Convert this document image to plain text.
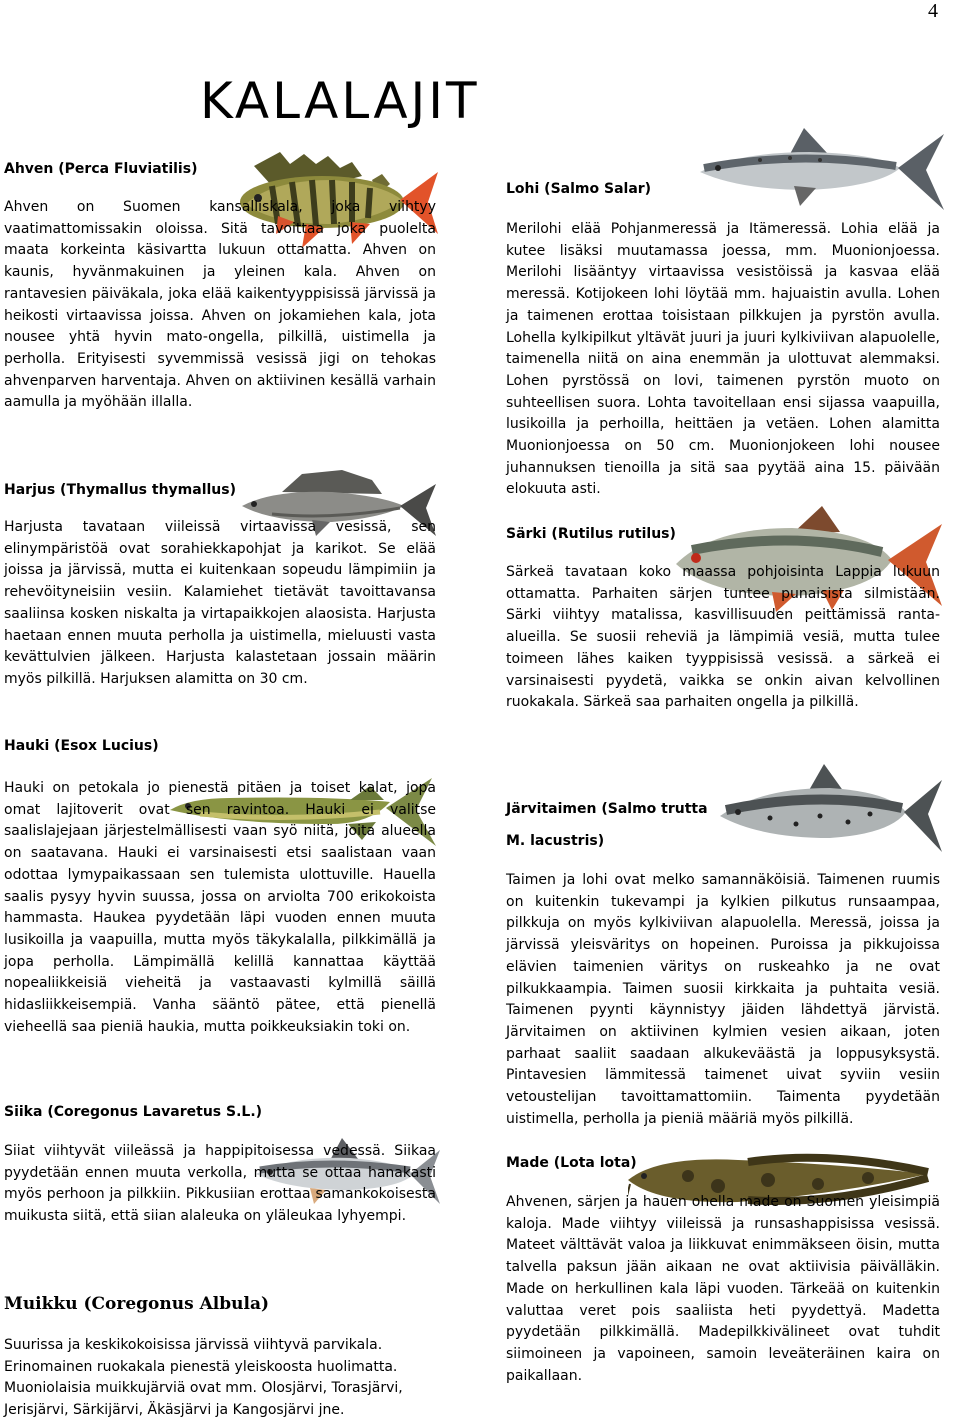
4
KALALAJIT
Ahven (Perca Fluviatilis)

Ahven on Suomen kansalliskala, joka viihtyy vaatimattomissakin oloissa. Sitä tavoittaa joka puolelta maata korkeinta käsivartta lukuun ottamatta. Ahven on kaunis, hyvänmakuinen ja yleinen kala. Ahven on rantavesien päiväkala, joka elää kaikentyyppisissä järvissä ja heikosti virtaavissa joissa. Ahven on jokamiehen kala, jota nousee yhtä hyvin mato-ongella, pilkillä, uistimella ja perholla. Erityisesti syvemmissä vesissä jigi on tehokas ahvenparven harventaja. Ahven on aktiivinen kesällä varhain aamulla ja myöhään illalla.

Harjus (Thymallus thymallus)

Harjusta tavataan viileissä virtaavissa vesissä, sen elinympäristöä ovat sorahiekkapohjat ja karikot. Se elää joissa ja järvissä, mutta ei kuitenkaan sopeudu lämpimiin ja rehevöityneisiin vesiin. Kalamiehet tietävät tavoittavansa saaliinsa kosken niskalta ja virtapaikkojen alaosista. Harjusta haetaan ennen muuta perholla ja uistimella, mieluusti vasta kevättulvien jälkeen. Harjusta kalastetaan jossain määrin myös pilkillä. Harjuksen alamitta on 30 cm.

Hauki (Esox Lucius)

Hauki on petokala jo pienestä pitäen ja toiset kalat, jopa omat lajitoverit ovat sen ravintoa. Hauki ei valitse saalislajejaan järjestelmällisesti vaan syö niitä, joita alueella on saatavana. Hauki ei varsinaisesti etsi saalistaan vaan odottaa lymypaikassaan sen tulemista ulottuville. Hauella saalis pysyy hyvin suussa, jossa on arviolta 700 erikokoista hammasta. Haukea pyydetään läpi vuoden ennen muuta lusikoilla ja vaapuilla, mutta myös täkykalalla, pilkkimällä ja jopa perholla. Lämpimällä kelillä kannattaa käyttää nopealiikkeisiä vieheitä ja vastaavasti kylmillä säillä hidasliikkeisempiä. Vanha sääntö pätee, että pienellä vieheellä saa pieniä haukia, mutta poikkeuksiakin toki on.

Siika (Coregonus Lavaretus S.L.)

Siiat viihtyvät viileässä ja happipitoisessa vedessä. Siikaa pyydetään ennen muuta verkolla, mutta se ottaa hanakasti myös perhoon ja pilkkiin. Pikkusiian erottaa samankokoisesta muikusta siitä, että siian alaleuka on yläleukaa lyhyempi.

Muikku (Coregonus Albula)

Suurissa ja keskikokoisissa järvissä viihtyvä parvikala. Erinomainen ruokakala pienestä yleiskoosta huolimatta. Muoniolaisia muikkujärviä ovat mm. Olosjärvi, Torasjärvi, Jerisjärvi, Särkijärvi, Äkäsjärvi ja Kangosjärvi jne.

Lohi (Salmo Salar)

Merilohi elää Pohjanmeressä ja Itämeressä. Lohia elää ja kutee lisäksi muutamassa joessa, mm. Muonionjoessa. Merilohi lisääntyy virtaavissa vesistöissä ja kasvaa elää meressä. Kotijokeen lohi löytää mm. hajuaistin avulla. Lohen ja taimenen erottaa toisistaan pilkkujen ja pyrstön avulla. Lohella kylkipilkut yltävät juuri ja juuri kylkiviivan alapuolelle, taimenella niitä on aina enemmän ja ulottuvat alemmaksi. Lohen pyrstössä on lovi, taimenen pyrstön muoto on suhteellisen suora. Lohta tavoitellaan ensi sijassa vaapuilla, lusikoilla ja perhoilla, heittäen ja vetäen. Lohen alamitta Muonionjoessa on 50 cm. Muonionjokeen lohi nousee juhannuksen tienoilla ja sitä saa pyytää aina 15. päivään elokuuta asti.

Särki (Rutilus rutilus)

Särkeä tavataan koko maassa pohjoisinta Lappia lukuun ottamatta. Parhaiten särjen tuntee punaisista silmistään. Särki viihtyy matalissa, kasvillisuuden peittämissä ranta-alueilla. Se suosii reheviä ja lämpimiä vesiä, mutta tulee toimeen lähes kaiken tyyppisissä vesissä. a särkeä ei varsinaisesti pyydetä, vaikka se onkin aivan kelvollinen ruokakala. Särkeä saa parhaiten ongella ja pilkillä.

Järvitaimen (Salmo trutta
M. lacustris)

Taimen ja lohi ovat melko samannäköisiä. Taimenen ruumis on kuitenkin tukevampi ja kylkien pilkutus runsaampaa, pilkkuja on myös kylkiviivan alapuolella. Meressä, joissa ja järvissä yleisväritys on hopeinen. Puroissa ja pikkujoissa elävien taimenien väritys on ruskeahko ja ne ovat pilkukkaampia. Taimen suosii kirkkaita ja puhtaita vesiä. Taimenen pyynti käynnistyy jäiden lähdettyä järvistä. Järvitaimen on aktiivinen kylmien vesien aikaan, joten parhaat saaliit saadaan alkukeväästä ja loppusyksystä. Pintavesien lämmitessä taimenet uivat syviin vesiin vetoustelijan tavoittamattomiin. Taimenta pyydetään uistimella, perholla ja pieniä määriä myös pilkillä.

Made (Lota lota)

Ahvenen, särjen ja hauen ohella made on Suomen yleisimpiä kaloja. Made viihtyy viileissä ja runsashappisissa vesissä. Mateet välttävät valoa ja liikkuvat enimmäkseen öisin, mutta talvella paksun jään aikaan ne ovat aktiivisia päivälläkin. Made on herkullinen kala läpi vuoden. Tärkeää on kuitenkin valuttaa veret pois saaliista heti pyydettyä. Madetta pyydetään pilkkimällä. Madepilkkivälineet ovat tuhdit siimoineen ja vapoineen, samoin leveäteräinen kaira on paikallaan.
